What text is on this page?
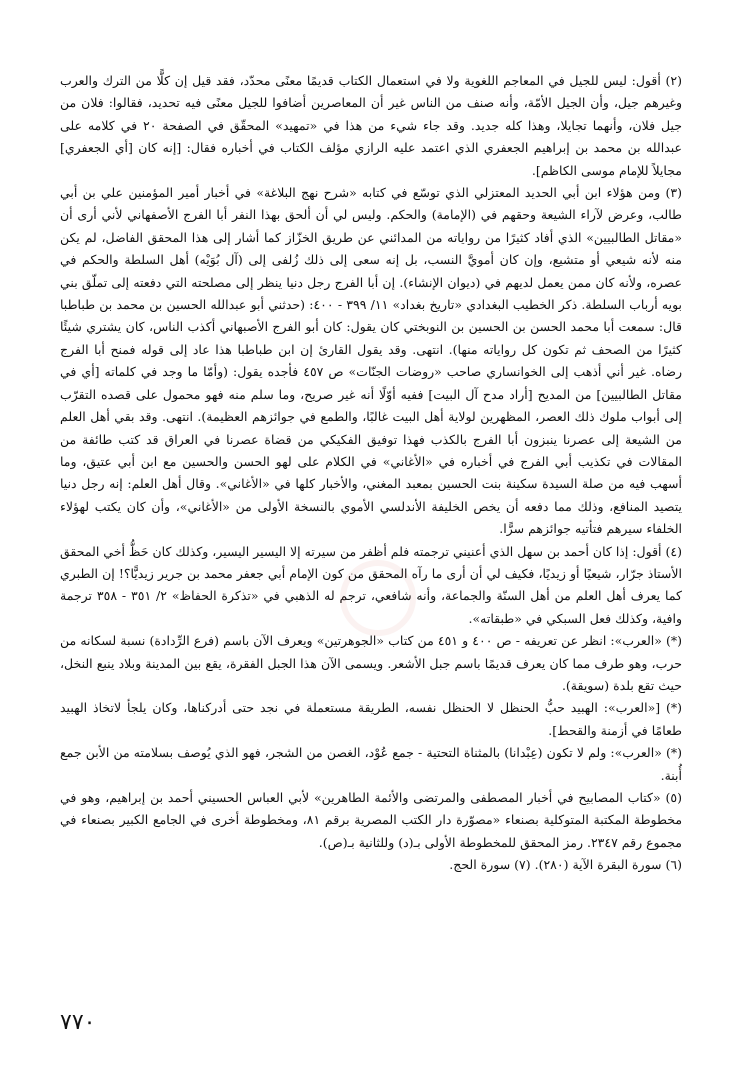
(٢) أقول: ليس للجيل في المعاجم اللغوية ولا في استعمال الكتاب قديمًا معنًى محدّد، فقد قيل إن كلًّا من الترك والعرب وغيرهم جيل، وأن الجيل الأمّة، وأنه صنف من الناس غير أن المعاصرين أضافوا للجيل معنًى فيه تحديد، فقالوا: فلان من جيل فلان، وأنهما تجايلا، وهذا كله جديد. وقد جاء شيء من هذا في «تمهيد» المحقّق في الصفحة ٢٠ في كلامه على عبدالله بن محمد بن إبراهيم الجعفري الذي اعتمد عليه الرازي مؤلف الكتاب في أخباره فقال: [إنه كان [أي الجعفري] مجايلاً للإمام موسى الكاظم].

(٣) ومن هؤلاء ابن أبي الحديد المعتزلي الذي توسّع في كتابه «شرح نهج البلاغة» في أخبار أمير المؤمنين علي بن أبي طالب، وعرض لآراء الشيعة وحقهم في (الإمامة) والحكم. وليس لي أن ألحق بهذا النفر أبا الفرج الأصفهاني لأني أرى أن «مقاتل الطالبيين» الذي أفاد كثيرًا من رواياته من المدائني عن طريق الخزّاز كما أشار إلى هذا المحقق الفاضل، لم يكن منه لأنه شيعي أو متشيع، وإن كان أمويَّ النسب، بل إنه سعى إلى ذلك زُلفى إلى (آل بُوَيْه) أهل السلطة والحكم في عصره، ولأنه كان ممن يعمل لديهم في (ديوان الإنشاء). إن أبا الفرج رجل دنيا ينظر إلى مصلحته التي دفعته إلى تملّق بني بويه أرباب السلطة. ذكر الخطيب البغدادي «تاريخ بغداد» ١١/ ٣٩٩ - ٤٠٠: (حدثني أبو عبدالله الحسين بن محمد بن طباطبا قال: سمعت أبا محمد الحسن بن الحسين بن النوبختي كان يقول: كان أبو الفرج الأصبهاني أكذب الناس، كان يشتري شيئًا كثيرًا من الصحف ثم تكون كل رواياته منها). انتهى. وقد يقول القارئ إن ابن طباطبا هذا عاد إلى قوله فمنح أبا الفرج رضاه. غير أني أذهب إلى الخوانساري صاحب «روضات الجنّات» ص ٤٥٧ فأجده يقول: (وأمّا ما وجد في كلماته [أي في مقاتل الطالبيين] من المديح [أراد مدح آل البيت] ففيه أوّلًا أنه غير صريح، وما سلم منه فهو محمول على قصده التقرّب إلى أبواب ملوك ذلك العصر، المظهرين لولاية أهل البيت غالبًا، والطمع في جوائزهم العظيمة). انتهى. وقد بقي أهل العلم من الشيعة إلى عصرنا ينبزون أبا الفرج بالكذب فهذا توفيق الفكيكي من قضاة عصرنا في العراق قد كتب طائفة من المقالات في تكذيب أبي الفرج في أخباره في «الأغاني» في الكلام على لهو الحسن والحسين مع ابن أبي عتيق، وما أسهب فيه من صلة السيدة سكينة بنت الحسين بمعبد المغني، والأخبار كلها في «الأغاني». وقال أهل العلم: إنه رجل دنيا يتصيد المنافع، وذلك مما دفعه أن يخص الخليفة الأندلسي الأموي بالنسخة الأولى من «الأغاني»، وأن كان يكتب لهؤلاء الخلفاء سيرهم فتأتيه جوائزهم سرًّا.

(٤) أقول: إذا كان أحمد بن سهل الذي أعنيني ترجمته فلم أظفر من سيرته إلا اليسير اليسير، وكذلك كان حَظُّ أخي المحقق الأستاذ جرّار، شيعيًا أو زيديًا، فكيف لي أن أرى ما رآه المحقق من كون الإمام أبي جعفر محمد بن جرير زيديًّا؟! إن الطبري كما يعرف أهل العلم من أهل السنّة والجماعة، وأنه شافعي، ترجم له الذهبي في «تذكرة الحفاظ» ٢/ ٣٥١ - ٣٥٨ ترجمة وافية، وكذلك فعل السبكي في «طبقاته».

(*) «العرب»: انظر عن تعريفه - ص ٤٠٠ و ٤٥١ من كتاب «الجوهرتين» ويعرف الآن باسم (فرع الرِّدادة) نسبة لسكانه من حرب، وهو طرف مما كان يعرف قديمًا باسم جبل الأشعر. ويسمى الآن هذا الجبل الفقرة، يقع بين المدينة وبلاد ينبع النخل، حيث تقع بلدة (سويقة).

(*) [«العرب»: الهبيد حبُّ الحنظل لا الحنظل نفسه، الطريقة مستعملة في نجد حتى أدركناها، وكان يلجأ لاتخاذ الهبيد طعامًا في أزمنة والقحط].

(*) «العرب»: ولم لا تكون (عِبْدانا) بالمثناة التحتية - جمع عُوْد، الغصن من الشجر، فهو الذي يُوصف بسلامته من الأبن جمع أُبنة.

(٥) «كتاب المصابيح في أخبار المصطفى والمرتضى والأئمة الطاهرين» لأبي العباس الحسيني أحمد بن إبراهيم، وهو في مخطوطة المكتبة المتوكلية بصنعاء «مصوّرة دار الكتب المصرية برقم ٨١، ومخطوطة أخرى في الجامع الكبير بصنعاء في مجموع رقم ٢٣٤٧. رمز المحقق للمخطوطة الأولى بـ(د) وللثانية بـ(ص).

(٦) سورة البقرة الآية (٢٨٠). (٧) سورة الحج.

٧٧٠
